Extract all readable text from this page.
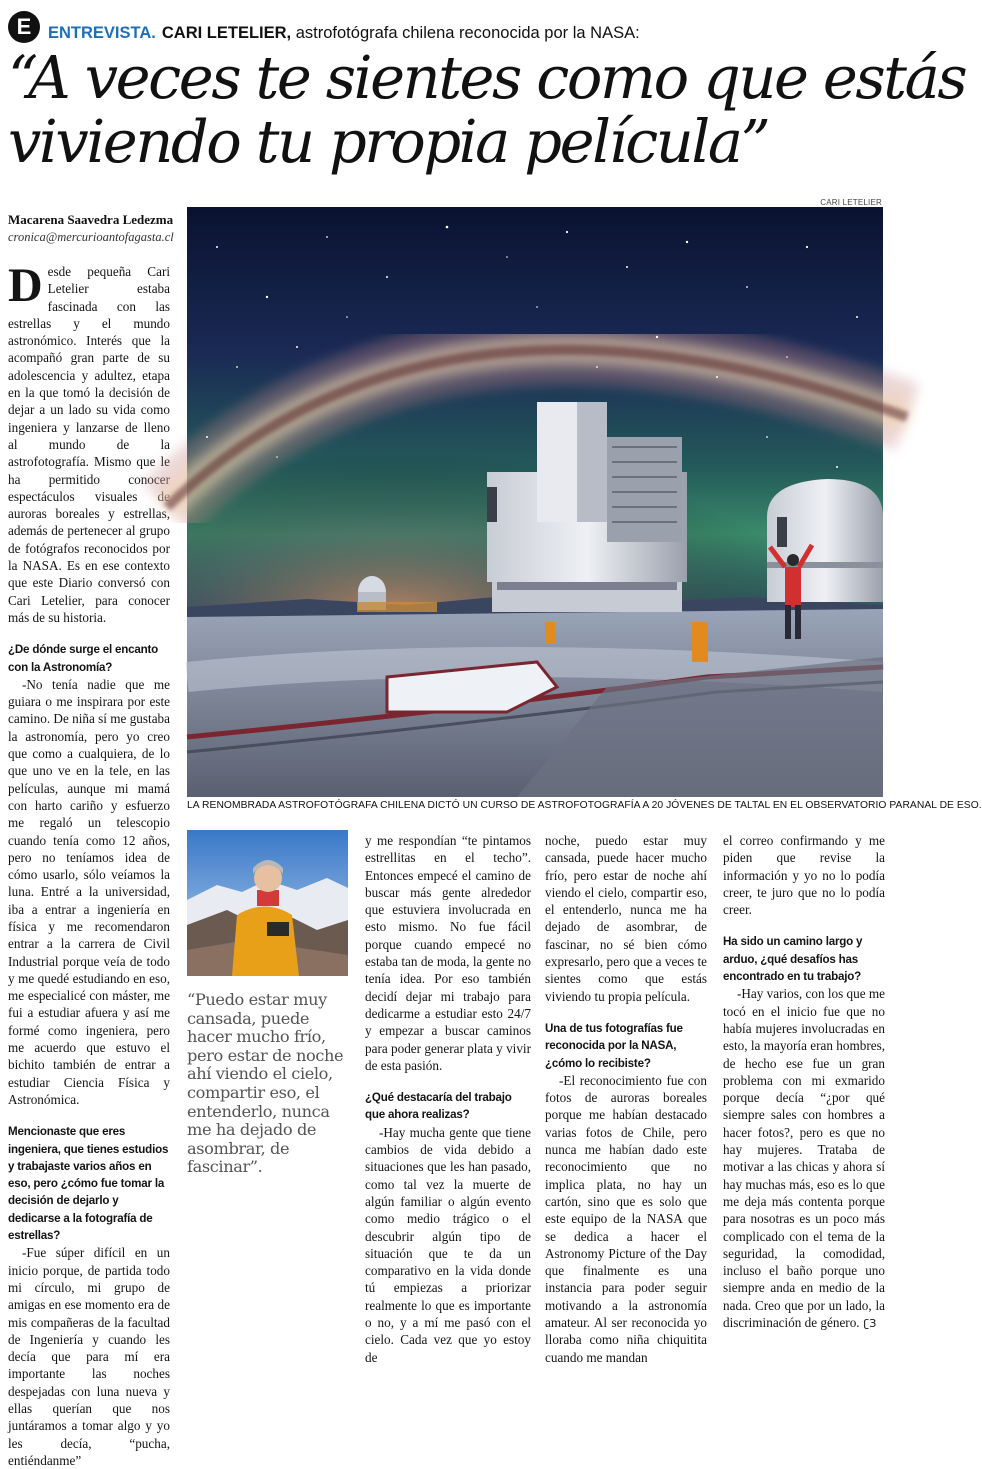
E	ENTREVISTA. CARI LETELIER, astrofotógrafa chilena reconocida por la NASA:
“A veces te sientes como que estás
viviendo tu propia película”
Macarena Saavedra Ledezma
cronica@mercurioantofagasta.cl

Desde pequeña Cari Letelier estaba fascinada con las estrellas y el mundo astronómico. Interés que la acompañó gran parte de su adolescencia y adultez, etapa en la que tomó la decisión de dejar a un lado su vida como ingeniera y lanzarse de lleno al mundo de la astrofotografía. Mismo que le ha permitido conocer espectáculos visuales de auroras boreales y estrellas, además de pertenecer al grupo de fotógrafos reconocidos por la NASA. Es en ese contexto que este Diario conversó con Cari Letelier, para conocer más de su historia.

¿De dónde surge el encanto con la Astronomía?

-No tenía nadie que me guiara o me inspirara por este camino. De niña sí me gustaba la astronomía, pero yo creo que como a cualquiera, de lo que uno ve en la tele, en las películas, aunque mi mamá con harto cariño y esfuerzo me regaló un telescopio cuando tenía como 12 años, pero no teníamos idea de cómo usarlo, sólo veíamos la luna. Entré a la universidad, iba a entrar a ingeniería en física y me recomendaron entrar a la carrera de Civil Industrial porque veía de todo y me quedé estudiando en eso, me especialicé con máster, me fui a estudiar afuera y así me formé como ingeniera, pero me acuerdo que estuvo el bichito también de entrar a estudiar Ciencia Física y Astronómica.

Mencionaste que eres ingeniera, que tienes estudios y trabajaste varios años en eso, pero ¿cómo fue tomar la decisión de dejarlo y dedicarse a la fotografía de estrellas?

-Fue súper difícil en un inicio porque, de partida todo mi círculo, mi grupo de amigas en ese momento era de mis compañeras de la facultad de Ingeniería y cuando les decía que para mí era importante las noches despejadas con luna nueva y ellas querían que nos juntáramos a tomar algo y yo les decía, “pucha, entiéndanme”

CARI LETELIER
LA RENOMBRADA ASTROFOTÓGRAFA CHILENA DICTÓ UN CURSO DE ASTROFOTOGRAFÍA A 20 JÓVENES DE TALTAL EN EL OBSERVATORIO PARANAL DE ESO.

“Puedo estar muy cansada, puede hacer mucho frío, pero estar de noche ahí viendo el cielo, compartir eso, el entenderlo, nunca me ha dejado de asombrar, de fascinar”.

y me respondían “te pintamos estrellitas en el techo”. Entonces empecé el camino de buscar más gente alrededor que estuviera involucrada en esto mismo. No fue fácil porque cuando empecé no estaba tan de moda, la gente no tenía idea. Por eso también decidí dejar mi trabajo para dedicarme a estudiar esto 24/7 y empezar a buscar caminos para poder generar plata y vivir de esta pasión.

¿Qué destacaría del trabajo que ahora realizas?

-Hay mucha gente que tiene cambios de vida debido a situaciones que les han pasado, como tal vez la muerte de algún familiar o algún evento como medio trágico o el descubrir algún tipo de situación que te da un comparativo en la vida donde tú empiezas a priorizar realmente lo que es importante o no, y a mí me pasó con el cielo. Cada vez que yo estoy de

noche, puedo estar muy cansada, puede hacer mucho frío, pero estar de noche ahí viendo el cielo, compartir eso, el entenderlo, nunca me ha dejado de asombrar, de fascinar, no sé bien cómo expresarlo, pero que a veces te sientes como que estás viviendo tu propia película.

Una de tus fotografías fue reconocida por la NASA, ¿cómo lo recibiste?

-El reconocimiento fue con fotos de auroras boreales porque me habían destacado varias fotos de Chile, pero nunca me habían dado este reconocimiento que no implica plata, no hay un cartón, sino que es solo que este equipo de la NASA que se dedica a hacer el Astronomy Picture of the Day que finalmente es una instancia para poder seguir motivando a la astronomía amateur. Al ser reconocida yo lloraba como niña chiquitita cuando me mandan

el correo confirmando y me piden que revise la información y yo no lo podía creer, te juro que no lo podía creer.

Ha sido un camino largo y arduo, ¿qué desafíos has encontrado en tu trabajo?

-Hay varios, con los que me tocó en el inicio fue que no había mujeres involucradas en esto, la mayoría eran hombres, de hecho ese fue un gran problema con mi exmarido porque decía “¿por qué siempre sales con hombres a hacer fotos?, pero es que no hay mujeres. Trataba de motivar a las chicas y ahora sí hay muchas más, eso es lo que me deja más contenta porque para nosotras es un poco más complicado con el tema de la seguridad, la comodidad, incluso el baño porque uno siempre anda en medio de la nada. Creo que por un lado, la discriminación de género. ʗЗ
